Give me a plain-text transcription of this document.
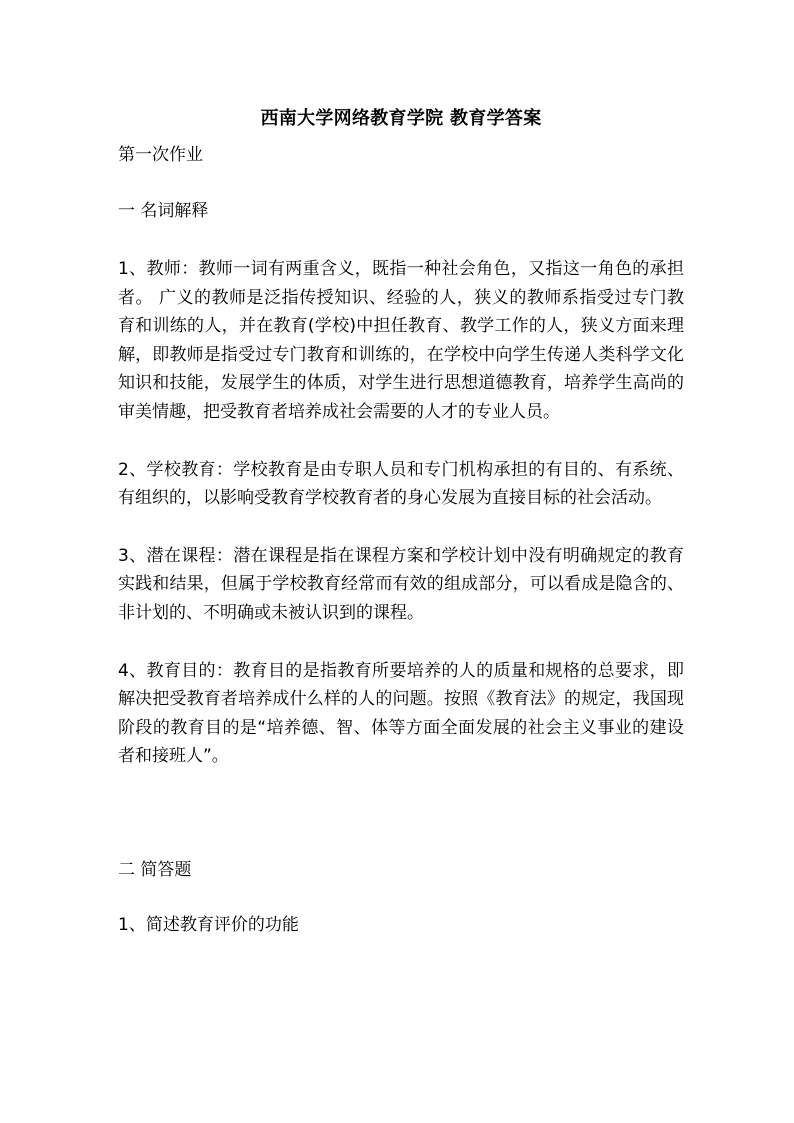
西南大学网络教育学院 教育学答案
第一次作业
一 名词解释

1、教师：教师一词有两重含义，既指一种社会角色，又指这一角色的承担者。 广义的教师是泛指传授知识、经验的人，狭义的教师系指受过专门教育和训练的人，并在教育(学校)中担任教育、教学工作的人，狭义方面来理解，即教师是指受过专门教育和训练的，在学校中向学生传递人类科学文化知识和技能，发展学生的体质，对学生进行思想道德教育，培养学生高尚的审美情趣，把受教育者培养成社会需要的人才的专业人员。

2、学校教育：学校教育是由专职人员和专门机构承担的有目的、有系统、有组织的，以影响受教育学校教育者的身心发展为直接目标的社会活动。

3、潜在课程：潜在课程是指在课程方案和学校计划中没有明确规定的教育实践和结果，但属于学校教育经常而有效的组成部分，可以看成是隐含的、非计划的、不明确或未被认识到的课程。

4、教育目的：教育目的是指教育所要培养的人的质量和规格的总要求，即解决把受教育者培养成什么样的人的问题。按照《教育法》的规定，我国现阶段的教育目的是“培养德、智、体等方面全面发展的社会主义事业的建设者和接班人”。

二 简答题
1、简述教育评价的功能
